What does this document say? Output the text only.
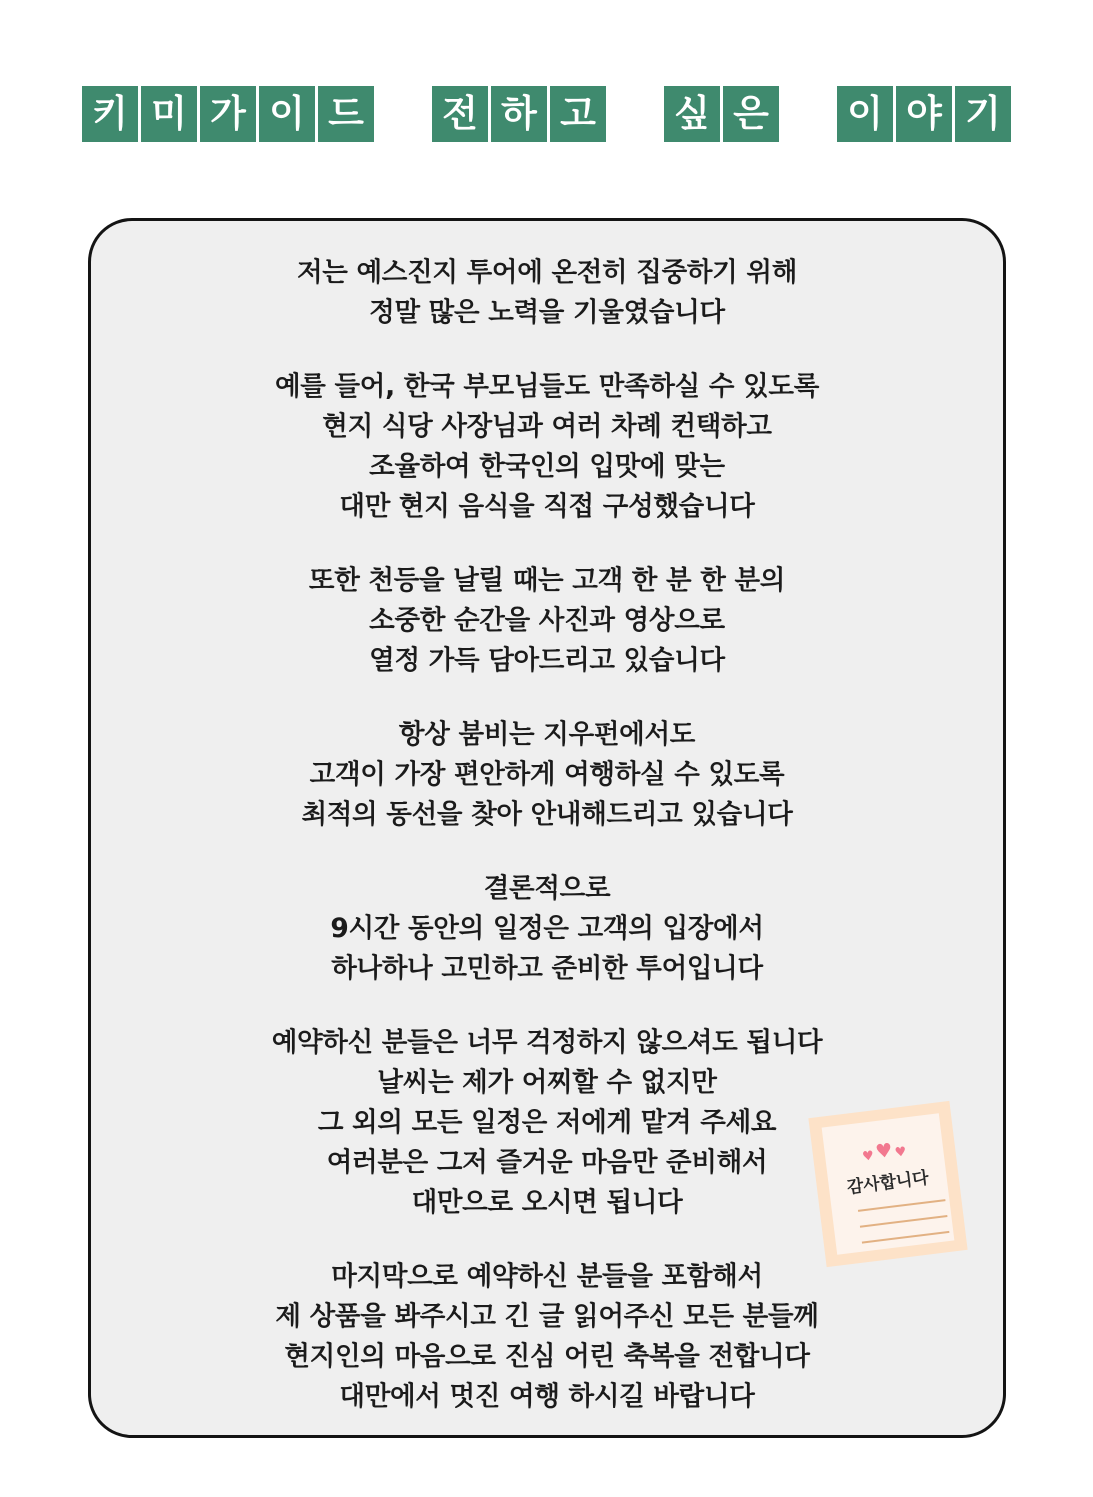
키 미 가 이 드 전 하 고 싶 은 이 야 기

저는 예스진지 투어에 온전히 집중하기 위해
정말 많은 노력을 기울였습니다

예를 들어, 한국 부모님들도 만족하실 수 있도록
현지 식당 사장님과 여러 차례 컨택하고
조율하여 한국인의 입맛에 맞는
대만 현지 음식을 직접 구성했습니다

또한 천등을 날릴 때는 고객 한 분 한 분의
소중한 순간을 사진과 영상으로
열정 가득 담아드리고 있습니다

항상 붐비는 지우펀에서도
고객이 가장 편안하게 여행하실 수 있도록
최적의 동선을 찾아 안내해드리고 있습니다

결론적으로
9시간 동안의 일정은 고객의 입장에서
하나하나 고민하고 준비한 투어입니다

예약하신 분들은 너무 걱정하지 않으셔도 됩니다
날씨는 제가 어찌할 수 없지만
그 외의 모든 일정은 저에게 맡겨 주세요
여러분은 그저 즐거운 마음만 준비해서
대만으로 오시면 됩니다

마지막으로 예약하신 분들을 포함해서
제 상품을 봐주시고 긴 글 읽어주신 모든 분들께
현지인의 마음으로 진심 어린 축복을 전합니다
대만에서 멋진 여행 하시길 바랍니다

♥♥♥
감사합니다
